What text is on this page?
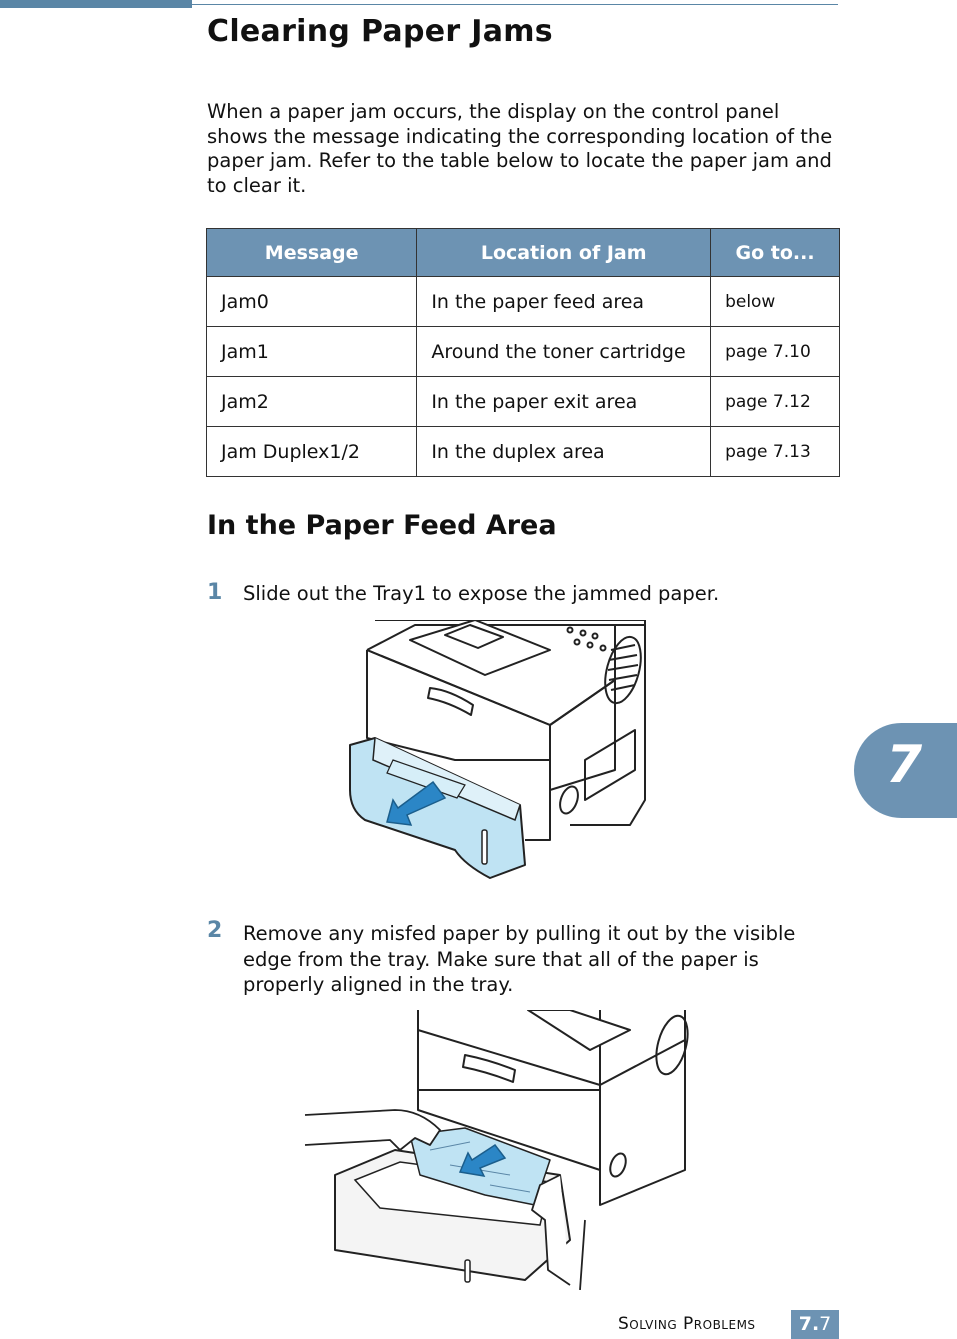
Clearing Paper Jams

When a paper jam occurs, the display on the control panel shows the message indicating the corresponding location of the paper jam. Refer to the table below to locate the paper jam and to clear it.

Message	Location of Jam	Go to...
Jam0	In the paper feed area	below
Jam1	Around the toner cartridge	page 7.10
Jam2	In the paper exit area	page 7.12
Jam Duplex1/2	In the duplex area	page 7.13
In the Paper Feed Area
1 Slide out the Tray1 to expose the jammed paper.

2 Remove any misfed paper by pulling it out by the visible

edge from the tray. Make sure that all of the paper is

properly aligned in the tray.

7
Solving Problems	7.7
